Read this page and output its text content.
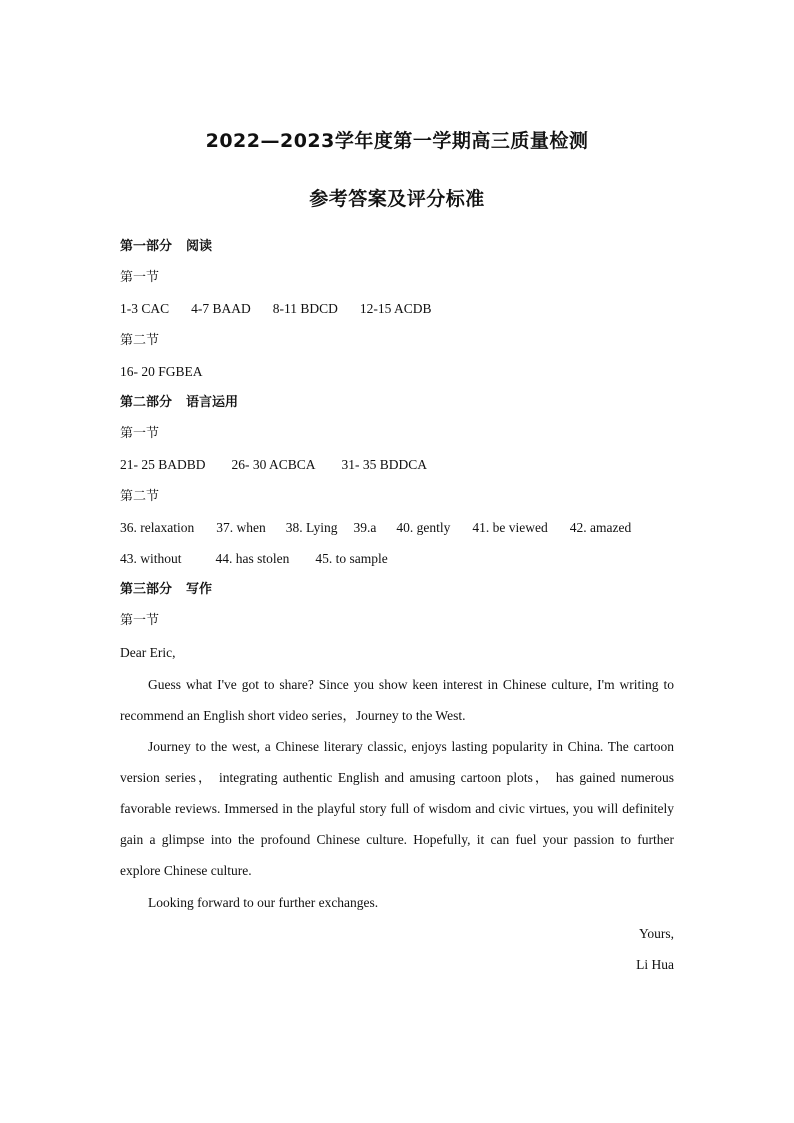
2022—2023学年度第一学期高三质量检测
参考答案及评分标准
第一部分 阅读
第一节
1-3 CAC 4-7 BAAD 8-11 BDCD 12-15 ACDB
第二节
16- 20 FGBEA
第二部分 语言运用
第一节
21- 25 BADBD 26- 30 ACBCA 31- 35 BDDCA
第二节
36. relaxation 37. when 38. Lying 39.a 40. gently 41. be viewed 42. amazed
43. without	44. has stolen 45. to sample
第三部分 写作
第一节
Dear Eric,

Guess what I've got to share? Since you show keen interest in Chinese culture, I'm writing to recommend an English short video series，Journey to the West.

Journey to the west, a Chinese literary classic, enjoys lasting popularity in China. The cartoon version series， integrating authentic English and amusing cartoon plots， has gained numerous favorable reviews. Immersed in the playful story full of wisdom and civic virtues, you will definitely gain a glimpse into the profound Chinese culture. Hopefully, it can fuel your passion to further explore Chinese culture.

Looking forward to our further exchanges.

Yours,
Li Hua
